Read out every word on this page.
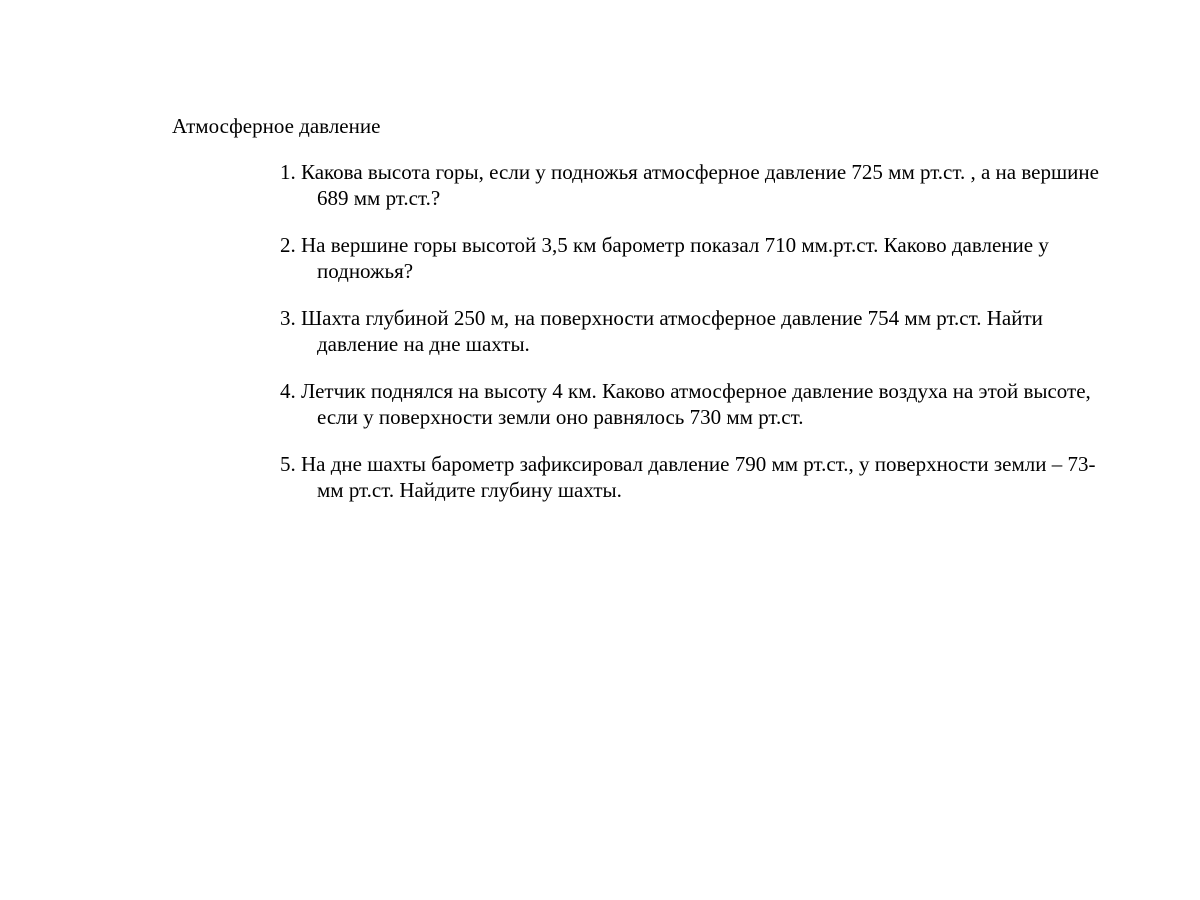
Атмосферное давление
1. Какова высота горы, если у подножья атмосферное давление 725 мм рт.ст. , а на вершине 689 мм рт.ст.?
2. На вершине горы высотой 3,5 км барометр показал 710 мм.рт.ст. Каково давление у подножья?
3. Шахта глубиной 250 м, на поверхности атмосферное давление 754 мм рт.ст. Найти давление на дне шахты.
4. Летчик поднялся на высоту 4 км. Каково атмосферное давление воздуха на этой высоте, если у поверхности земли оно равнялось 730 мм рт.ст.
5. На дне шахты барометр зафиксировал давление 790 мм рт.ст., у поверхности земли – 73-мм рт.ст. Найдите глубину шахты.
